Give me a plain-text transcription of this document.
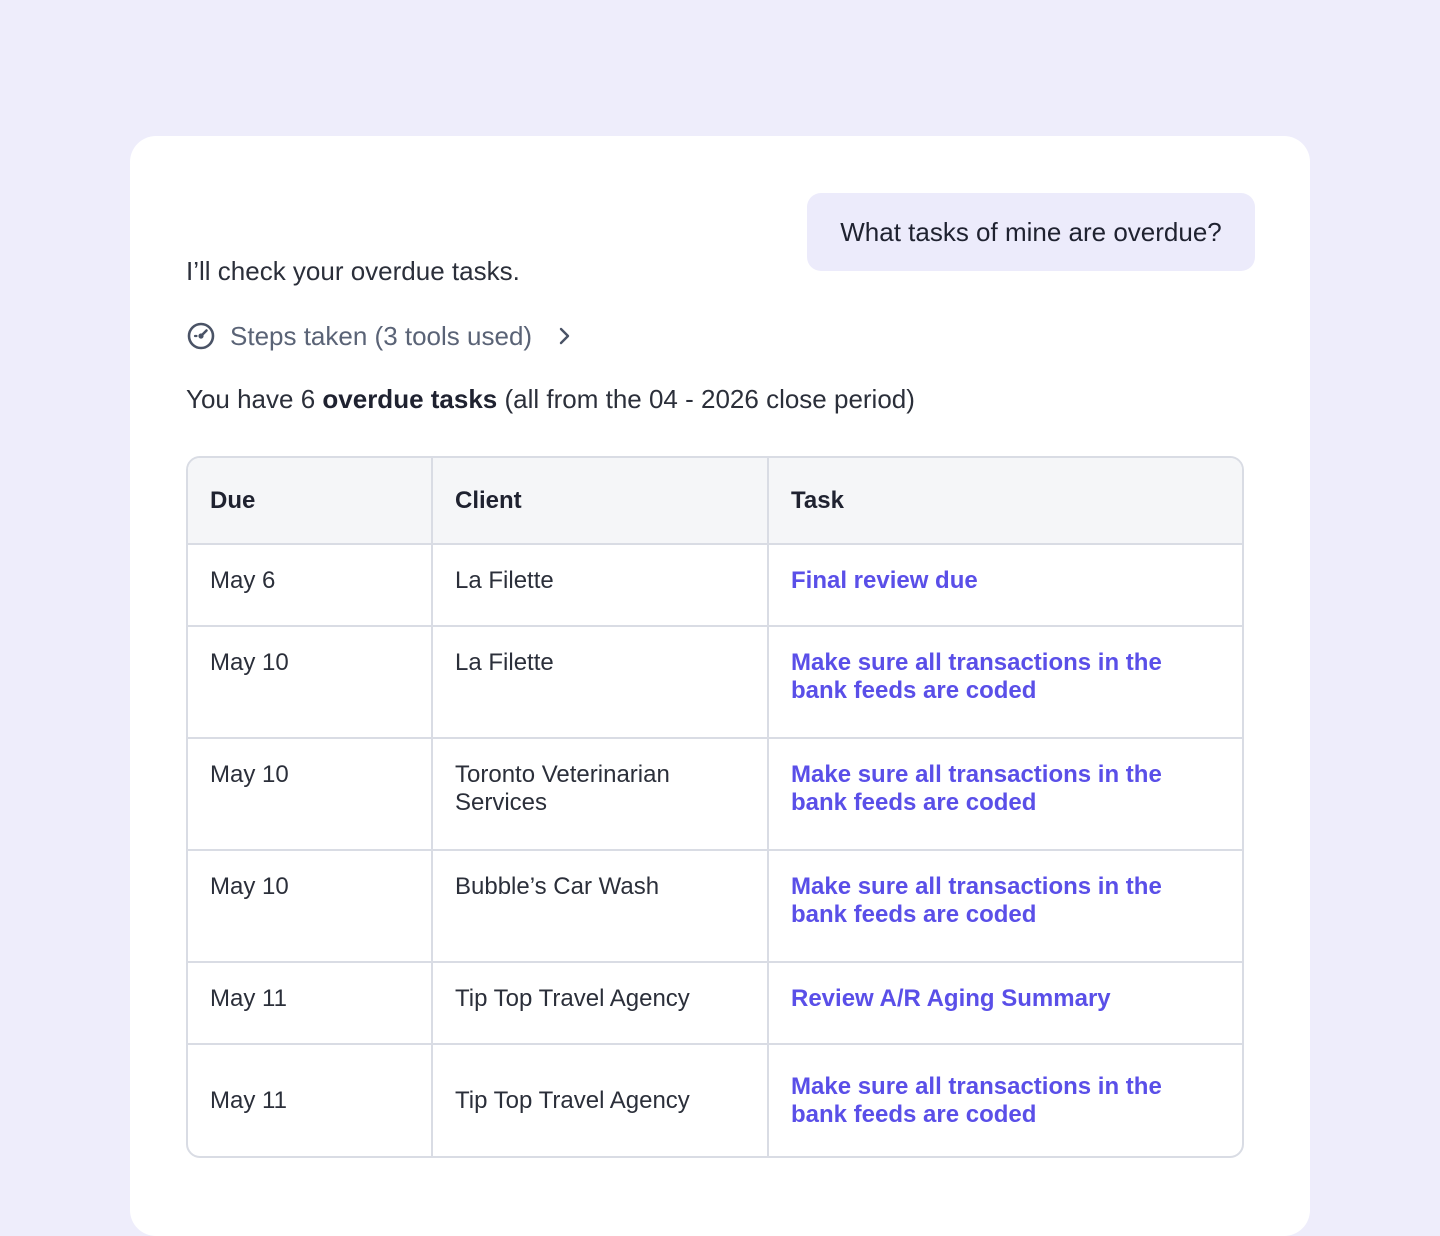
What tasks of mine are overdue?
I’ll check your overdue tasks.
Steps taken (3 tools used)
You have 6 overdue tasks (all from the 04 - 2026 close period)
Due	Client	Task
May 6	La Filette	Final review due
May 10	La Filette	Make sure all transactions in the bank feeds are coded
May 10	Toronto Veterinarian Services	Make sure all transactions in the bank feeds are coded
May 10	Bubble’s Car Wash	Make sure all transactions in the bank feeds are coded
May 11	Tip Top Travel Agency	Review A/R Aging Summary
May 11	Tip Top Travel Agency	Make sure all transactions in the bank feeds are coded
